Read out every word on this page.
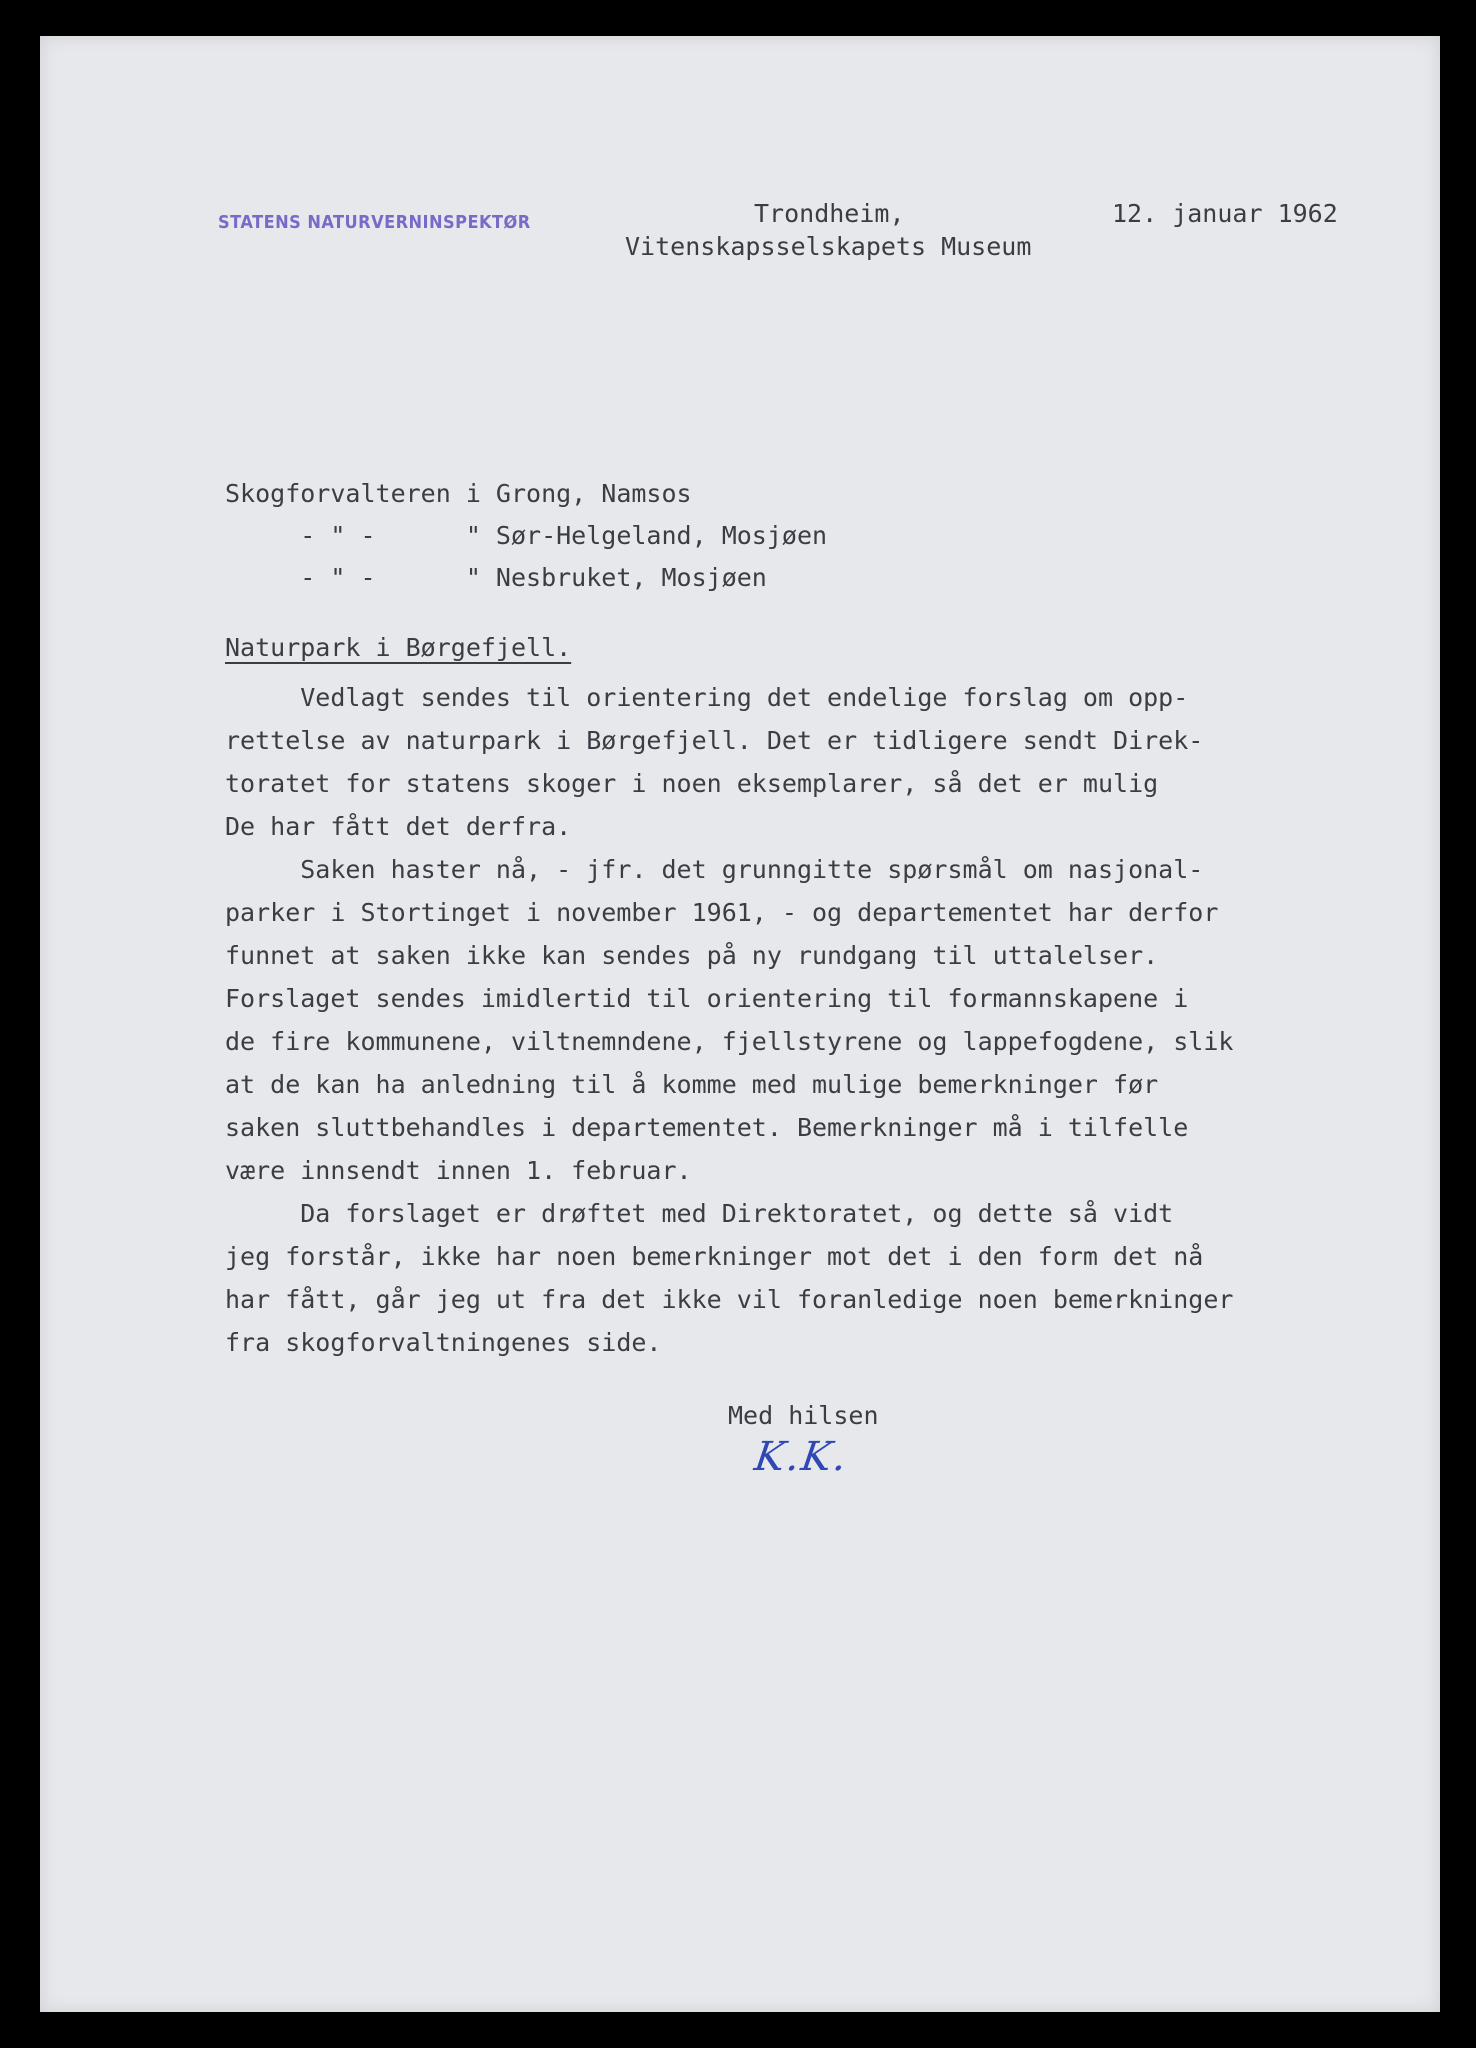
STATENS NATURVERNINSPEKTØR	Trondheim,
Vitenskapsselskapets Museum
12. januar 1962
Skogforvalteren i Grong, Namsos
- " -      " Sør-Helgeland, Mosjøen
- " -      " Nesbruket, Mosjøen
Naturpark i Børgefjell.
Vedlagt sendes til orientering det endelige forslag om opp-
rettelse av naturpark i Børgefjell. Det er tidligere sendt Direk-
toratet for statens skoger i noen eksemplarer, så det er mulig
De har fått det derfra.
Saken haster nå, - jfr. det grunngitte spørsmål om nasjonal-
parker i Stortinget i november 1961, - og departementet har derfor
funnet at saken ikke kan sendes på ny rundgang til uttalelser.
Forslaget sendes imidlertid til orientering til formannskapene i
de fire kommunene, viltnemndene, fjellstyrene og lappefogdene, slik
at de kan ha anledning til å komme med mulige bemerkninger før
saken sluttbehandles i departementet. Bemerkninger må i tilfelle
være innsendt innen 1. februar.
Da forslaget er drøftet med Direktoratet, og dette så vidt
jeg forstår, ikke har noen bemerkninger mot det i den form det nå
har fått, går jeg ut fra det ikke vil foranledige noen bemerkninger
fra skogforvaltningenes side.
Med hilsen
K.K.
